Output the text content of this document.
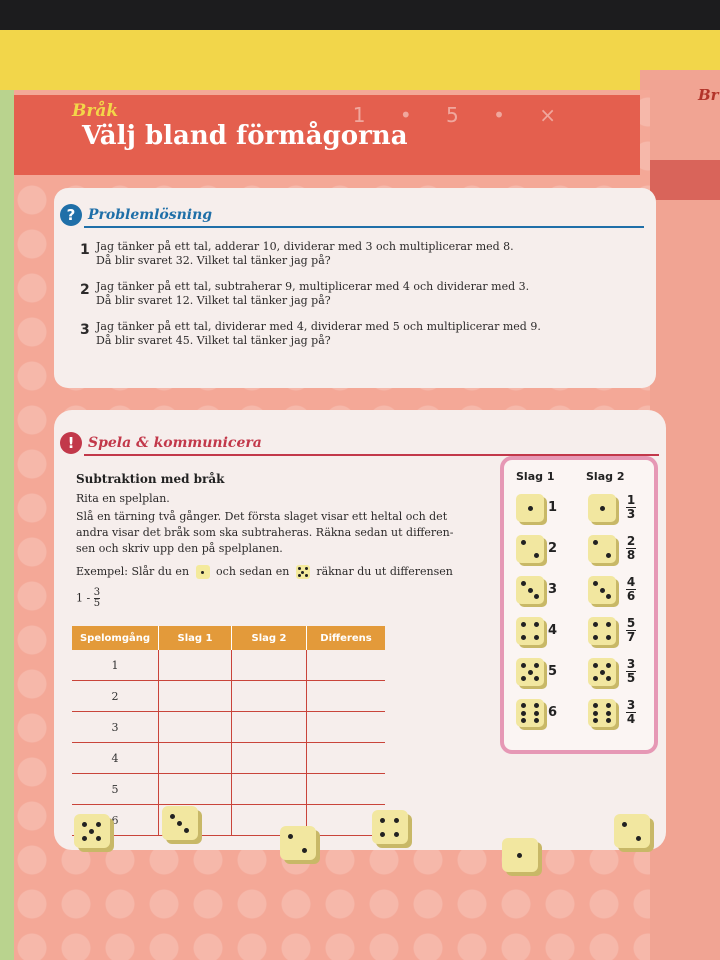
Br
Bråk
Välj bland förmågorna
1 • 5 • ×
? Problemlösning
1 Jag tänker på ett tal, adderar 10, dividerar med 3 och multiplicerar med 8.
Då blir svaret 32. Vilket tal tänker jag på?
2 Jag tänker på ett tal, subtraherar 9, multiplicerar med 4 och dividerar med 3.
Då blir svaret 12. Vilket tal tänker jag på?
3 Jag tänker på ett tal, dividerar med 4, dividerar med 5 och multiplicerar med 9.
Då blir svaret 45. Vilket tal tänker jag på?
! Spela & kommunicera
Subtraktion med bråk
Rita en spelplan.
Slå en tärning två gånger. Det första slaget visar ett heltal och det
andra visar det bråk som ska subtraheras. Räkna sedan ut differen-
sen och skriv upp den på spelplanen.
Exempel: Slår du en och sedan en räknar du ut differensen
$1 - \frac{3}{5}$
Spelomgång	Slag 1	Slag 2	Differens
1			
2			
3			
4			
5			
6			
Slag 1	Slag 2
1	1
3
2	2
8
3	4
6
4	5
7
5	3
5
6	3
4
